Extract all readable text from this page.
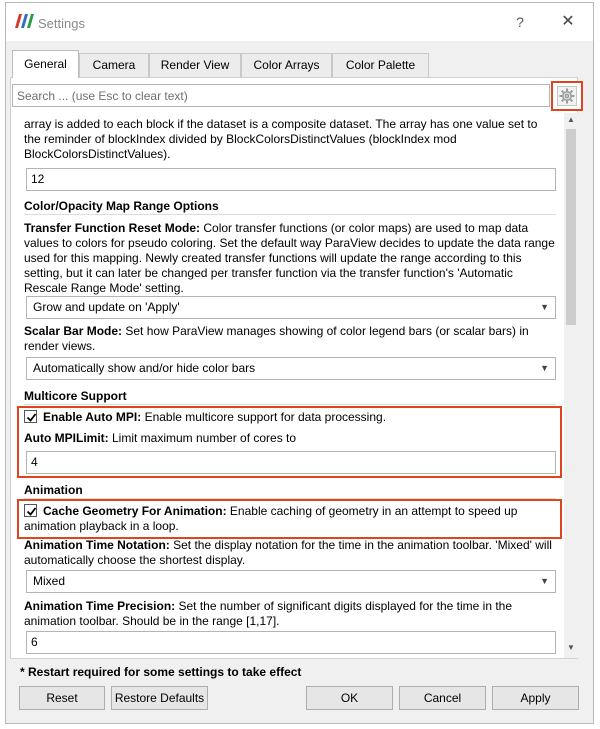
Settings	?	✕
General	Camera	Render View	Color Arrays	Color Palette
Search ... (use Esc to clear text)
array is added to each block if the dataset is a composite dataset. The array has one value set to the reminder of blockIndex divided by BlockColorsDistinctValues (blockIndex mod BlockColorsDistinctValues).
12
Color/Opacity Map Range Options
Transfer Function Reset Mode: Color transfer functions (or color maps) are used to map data values to colors for pseudo coloring. Set the default way ParaView decides to update the data range used for this mapping. Newly created transfer functions will update the range according to this setting, but it can later be changed per transfer function via the transfer function's 'Automatic Rescale Range Mode' setting.
Grow and update on 'Apply'	▼
Scalar Bar Mode: Set how ParaView manages showing of color legend bars (or scalar bars) in render views.
Automatically show and/or hide color bars	▼
Multicore Support
Enable Auto MPI: Enable multicore support for data processing.
Auto MPILimit: Limit maximum number of cores to
4
Animation
Cache Geometry For Animation: Enable caching of geometry in an attempt to speed up animation playback in a loop.
Animation Time Notation: Set the display notation for the time in the animation toolbar. 'Mixed' will automatically choose the shortest display.
Mixed	▼
Animation Time Precision: Set the number of significant digits displayed for the time in the animation toolbar. Should be in the range [1,17].
6
▲
▼
* Restart required for some settings to take effect
Reset	Restore Defaults	OK	Cancel	Apply
